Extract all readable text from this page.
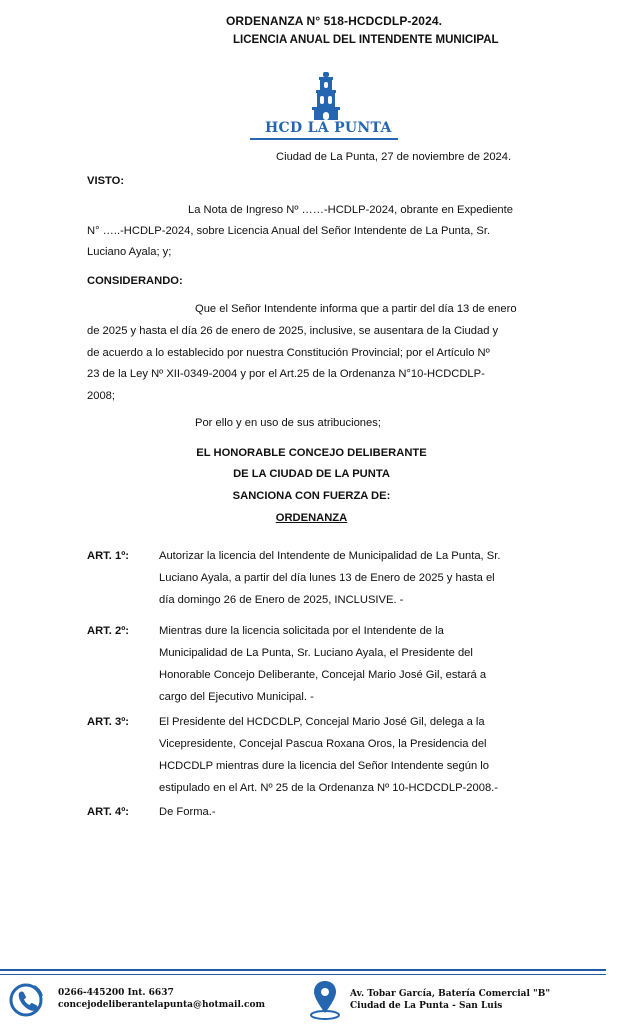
ORDENANZA N° 518-HCDCDLP-2024.
LICENCIA ANUAL DEL INTENDENTE MUNICIPAL
HCD LA PUNTA
Ciudad de La Punta, 27 de noviembre de 2024.
VISTO:
La Nota de Ingreso Nº ……-HCDLP-2024, obrante en Expediente
N° …..-HCDLP-2024, sobre Licencia Anual del Señor Intendente de La Punta, Sr.
Luciano Ayala; y;
CONSIDERANDO:
Que el Señor Intendente informa que a partir del día 13 de enero
de 2025 y hasta el día 26 de enero de 2025, inclusive, se ausentara de la Ciudad y
de acuerdo a lo establecido por nuestra Constitución Provincial; por el Artículo Nº
23 de la Ley Nº XII-0349-2004 y por el Art.25 de la Ordenanza N°10-HCDCDLP-
2008;
Por ello y en uso de sus atribuciones;
EL HONORABLE CONCEJO DELIBERANTE
DE LA CIUDAD DE LA PUNTA
SANCIONA CON FUERZA DE:
ORDENANZA
ART. 1º:	Autorizar la licencia del Intendente de Municipalidad de La Punta, Sr.
Luciano Ayala, a partir del día lunes 13 de Enero de 2025 y hasta el
día domingo 26 de Enero de 2025, INCLUSIVE. -
ART. 2º:	Mientras dure la licencia solicitada por el Intendente de la
Municipalidad de La Punta, Sr. Luciano Ayala, el Presidente del
Honorable Concejo Deliberante, Concejal Mario José Gil, estará a
cargo del Ejecutivo Municipal. -
ART. 3º:	El Presidente del HCDCDLP, Concejal Mario José Gil, delega a la
Vicepresidente, Concejal Pascua Roxana Oros, la Presidencia del
HCDCDLP mientras dure la licencia del Señor Intendente según lo
estipulado en el Art. Nº 25 de la Ordenanza Nº 10-HCDCDLP-2008.-
ART. 4º:	De Forma.-
0266-445200 Int. 6637
concejodeliberantelapunta@hotmail.com
Av. Tobar García, Batería Comercial "B"
Ciudad de La Punta - San Luis
